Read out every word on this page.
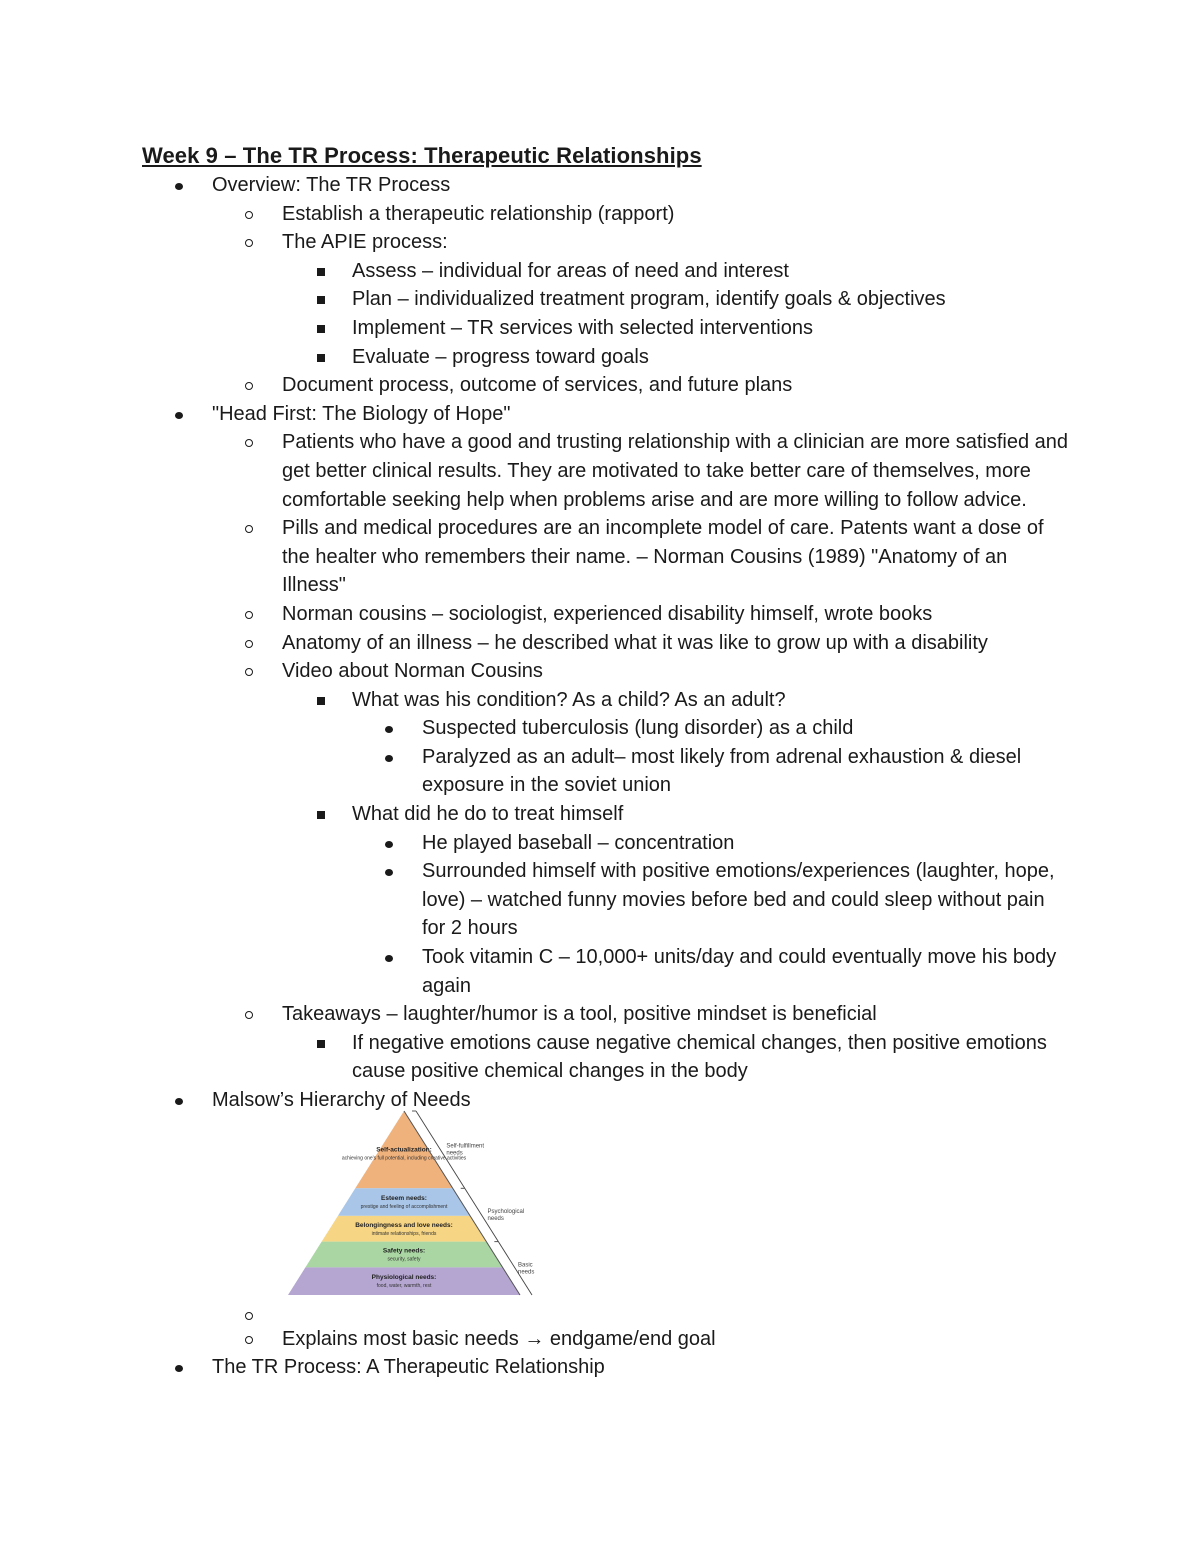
Week 9 – The TR Process: Therapeutic Relationships
Overview: The TR Process
Establish a therapeutic relationship (rapport)
The APIE process:
Assess – individual for areas of need and interest
Plan – individualized treatment program, identify goals & objectives
Implement – TR services with selected interventions
Evaluate – progress toward goals
Document process, outcome of services, and future plans
"Head First: The Biology of Hope"
Patients who have a good and trusting relationship with a clinician are more satisfied and get better clinical results. They are motivated to take better care of themselves, more comfortable seeking help when problems arise and are more willing to follow advice.
Pills and medical procedures are an incomplete model of care. Patents want a dose of the healter who remembers their name. – Norman Cousins (1989) "Anatomy of an Illness"
Norman cousins – sociologist, experienced disability himself, wrote books
Anatomy of an illness – he described what it was like to grow up with a disability
Video about Norman Cousins
What was his condition? As a child? As an adult?
Suspected tuberculosis (lung disorder) as a child
Paralyzed as an adult– most likely from adrenal exhaustion & diesel exposure in the soviet union
What did he do to treat himself
He played baseball – concentration
Surrounded himself with positive emotions/experiences (laughter, hope, love) – watched funny movies before bed and could sleep without pain for 2 hours
Took vitamin C – 10,000+ units/day and could eventually move his body again
Takeaways – laughter/humor is a tool, positive mindset is beneficial
If negative emotions cause negative chemical changes, then positive emotions cause positive chemical changes in the body
Malsow’s Hierarchy of Needs
Self-actualization:
achieving one's full potential, including creative activities
Esteem needs:
prestige and feeling of accomplishment
Belongingness and love needs:
intimate relationships, friends
Safety needs:
security, safety
Physiological needs:
food, water, warmth, rest
Self-fulfillment
needs
Psychological
needs
Basic
needs
Explains most basic needs → endgame/end goal
The TR Process: A Therapeutic Relationship
